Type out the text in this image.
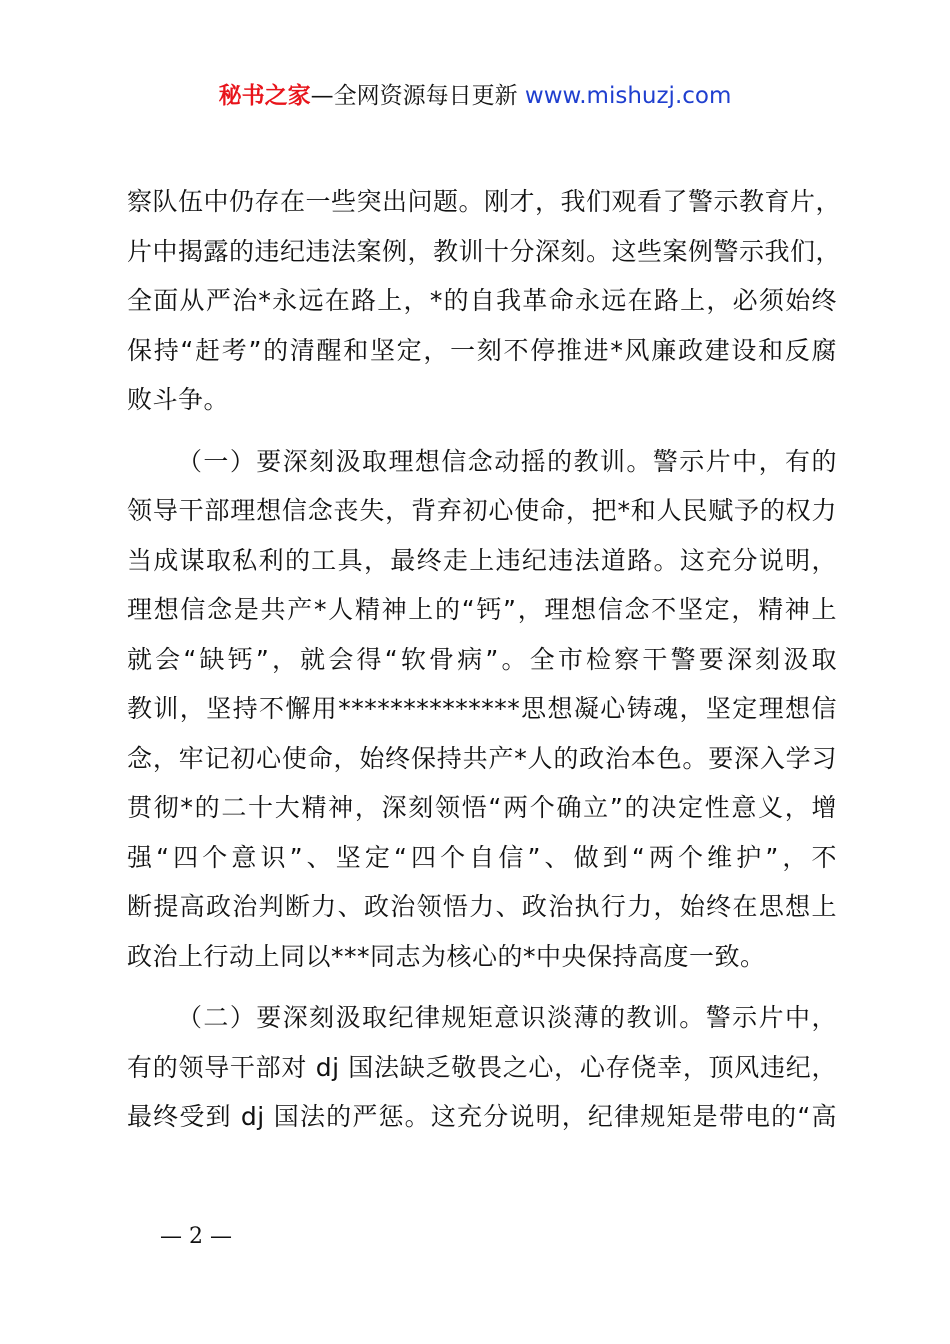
秘书之家—全网资源每日更新 www.mishuzj.com

察队伍中仍存在一些突出问题。刚才，我们观看了警示教育片，
片中揭露的违纪违法案例，教训十分深刻。这些案例警示我们，
全面从严治*永远在路上，*的自我革命永远在路上，必须始终
保持“赶考”的清醒和坚定，一刻不停推进*风廉政建设和反腐
败斗争。

（一）要深刻汲取理想信念动摇的教训。警示片中，有的
领导干部理想信念丧失，背弃初心使命，把*和人民赋予的权力
当成谋取私利的工具，最终走上违纪违法道路。这充分说明，
理想信念是共产*人精神上的“钙”，理想信念不坚定，精神上
就会“缺钙”，就会得“软骨病”。全市检察干警要深刻汲取
教训，坚持不懈用**************思想凝心铸魂，坚定理想信
念，牢记初心使命，始终保持共产*人的政治本色。要深入学习
贯彻*的二十大精神，深刻领悟“两个确立”的决定性意义，增
强“四个意识”、坚定“四个自信”、做到“两个维护”，不
断提高政治判断力、政治领悟力、政治执行力，始终在思想上
政治上行动上同以***同志为核心的*中央保持高度一致。

（二）要深刻汲取纪律规矩意识淡薄的教训。警示片中，
有的领导干部对 dj 国法缺乏敬畏之心，心存侥幸，顶风违纪，
最终受到 dj 国法的严惩。这充分说明，纪律规矩是带电的“高

— 2 —
